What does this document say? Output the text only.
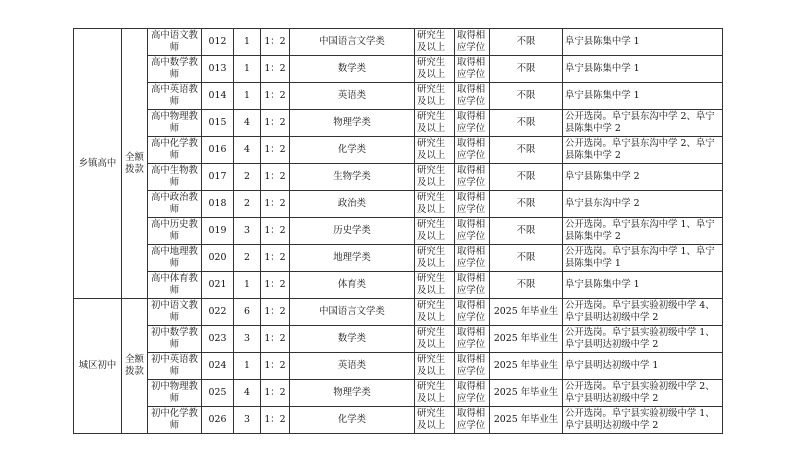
乡镇高中	全额拨款	高中语文教师	012	1	1：2	中国语言文学类	研究生及以上	取得相应学位	不限	阜宁县陈集中学 1
		高中数学教师	013	1	1：2	数学类	研究生及以上	取得相应学位	不限	阜宁县陈集中学 1
		高中英语教师	014	1	1：2	英语类	研究生及以上	取得相应学位	不限	阜宁县陈集中学 1
		高中物理教师	015	4	1：2	物理学类	研究生及以上	取得相应学位	不限	公开选岗。阜宁县东沟中学 2、阜宁县陈集中学 2
		高中化学教师	016	4	1：2	化学类	研究生及以上	取得相应学位	不限	公开选岗。阜宁县东沟中学 2、阜宁县陈集中学 2
		高中生物教师	017	2	1：2	生物学类	研究生及以上	取得相应学位	不限	阜宁县陈集中学 2
		高中政治教师	018	2	1：2	政治类	研究生及以上	取得相应学位	不限	阜宁县东沟中学 2
		高中历史教师	019	3	1：2	历史学类	研究生及以上	取得相应学位	不限	公开选岗。阜宁县东沟中学 1、阜宁县陈集中学 2
		高中地理教师	020	2	1：2	地理学类	研究生及以上	取得相应学位	不限	公开选岗。阜宁县东沟中学 1、阜宁县陈集中学 1
		高中体育教师	021	1	1：2	体育类	研究生及以上	取得相应学位	不限	阜宁县陈集中学 1
城区初中	全额拨款	初中语文教师	022	6	1：2	中国语言文学类	研究生及以上	取得相应学位	2025 年毕业生	公开选岗。阜宁县实验初级中学 4、阜宁县明达初级中学 2
		初中数学教师	023	3	1：2	数学类	研究生及以上	取得相应学位	2025 年毕业生	公开选岗。阜宁县实验初级中学 1、阜宁县明达初级中学 2
		初中英语教师	024	1	1：2	英语类	研究生及以上	取得相应学位	2025 年毕业生	阜宁县明达初级中学 1
		初中物理教师	025	4	1：2	物理学类	研究生及以上	取得相应学位	2025 年毕业生	公开选岗。阜宁县实验初级中学 2、阜宁县明达初级中学 2
		初中化学教师	026	3	1：2	化学类	研究生及以上	取得相应学位	2025 年毕业生	公开选岗。阜宁县实验初级中学 1、阜宁县明达初级中学 2
